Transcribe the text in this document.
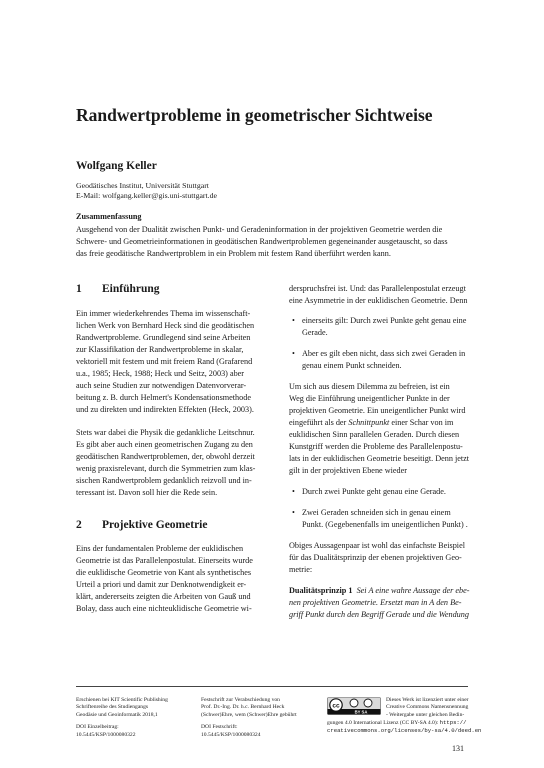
Randwertprobleme in geometrischer Sichtweise
Wolfgang Keller
Geodätisches Institut, Universität Stuttgart
E-Mail: wolfgang.keller@gis.uni-stuttgart.de
Zusammenfassung
Ausgehend von der Dualität zwischen Punkt- und Geradeninformation in der projektiven Geometrie werden die
Schwere- und Geometrieinformationen in geodätischen Randwertproblemen gegeneinander ausgetauscht, so dass
das freie geodätische Randwertproblem in ein Problem mit festem Rand überführt werden kann.
1	Einführung
Ein immer wiederkehrendes Thema im wissenschaft-
lichen Werk von Bernhard Heck sind die geodätischen
Randwertprobleme. Grundlegend sind seine Arbeiten
zur Klassifikation der Randwertprobleme in skalar,
vektoriell mit festem und mit freiem Rand (Grafarend
u.a., 1985; Heck, 1988; Heck und Seitz, 2003) aber
auch seine Studien zur notwendigen Datenvorverar-
beitung z. B. durch Helmert's Kondensationsmethode
und zu direkten und indirekten Effekten (Heck, 2003).
Stets war dabei die Physik die gedankliche Leitschnur.
Es gibt aber auch einen geometrischen Zugang zu den
geodätischen Randwertproblemen, der, obwohl derzeit
wenig praxisrelevant, durch die Symmetrien zum klas-
sischen Randwertproblem gedanklich reizvoll und in-
teressant ist. Davon soll hier die Rede sein.
2	Projektive Geometrie
Eins der fundamentalen Probleme der euklidischen
Geometrie ist das Parallelenpostulat. Einerseits wurde
die euklidische Geometrie von Kant als synthetisches
Urteil a priori und damit zur Denknotwendigkeit er-
klärt, andererseits zeigten die Arbeiten von Gauß und
Bolay, dass auch eine nichteuklidische Geometrie wi-
derspruchsfrei ist. Und: das Parallelenpostulat erzeugt
eine Asymmetrie in der euklidischen Geometrie. Denn
• einerseits gilt: Durch zwei Punkte geht genau eine
Gerade.
• Aber es gilt eben nicht, dass sich zwei Geraden in
genau einem Punkt schneiden.
Um sich aus diesem Dilemma zu befreien, ist ein
Weg die Einführung uneigentlicher Punkte in der
projektiven Geometrie. Ein uneigentlicher Punkt wird
eingeführt als der Schnittpunkt einer Schar von im
euklidischen Sinn parallelen Geraden. Durch diesen
Kunstgriff werden die Probleme des Parallelenpostu-
lats in der euklidischen Geometrie beseitigt. Denn jetzt
gilt in der projektiven Ebene wieder
• Durch zwei Punkte geht genau eine Gerade.
• Zwei Geraden schneiden sich in genau einem
Punkt. (Gegebenenfalls im uneigentlichen Punkt) .
Obiges Aussagenpaar ist wohl das einfachste Beispiel
für das Dualitätsprinzip der ebenen projektiven Geo-
metrie:
Dualitätsprinzip 1 Sei A eine wahre Aussage der ebe-
nen projektiven Geometrie. Ersetzt man in A den Be-
griff Punkt durch den Begriff Gerade und die Wendung
Erschienen bei KIT Scientific Publishing
Schriftenreihe des Studiengangs
Geodäsie und Geoinformatik 2018,1
DOI Einzelbeitrag:
10.5445/KSP/1000080322
Festschrift zur Verabschiedung von
Prof. Dr.-Ing. Dr. h.c. Bernhard Heck
(Schwer)Ehre, wem (Schwer)Ehre gebührt
DOI Festschrift:
10.5445/KSP/1000080324
cc
BY SA
Dieses Werk ist lizenziert unter einer
Creative Commons Namensnennung
- Weitergabe unter gleichen Bedin-
gungen 4.0 International Lizenz (CC BY-SA 4.0): https://
creativecommons.org/licenses/by-sa/4.0/deed.en
131
